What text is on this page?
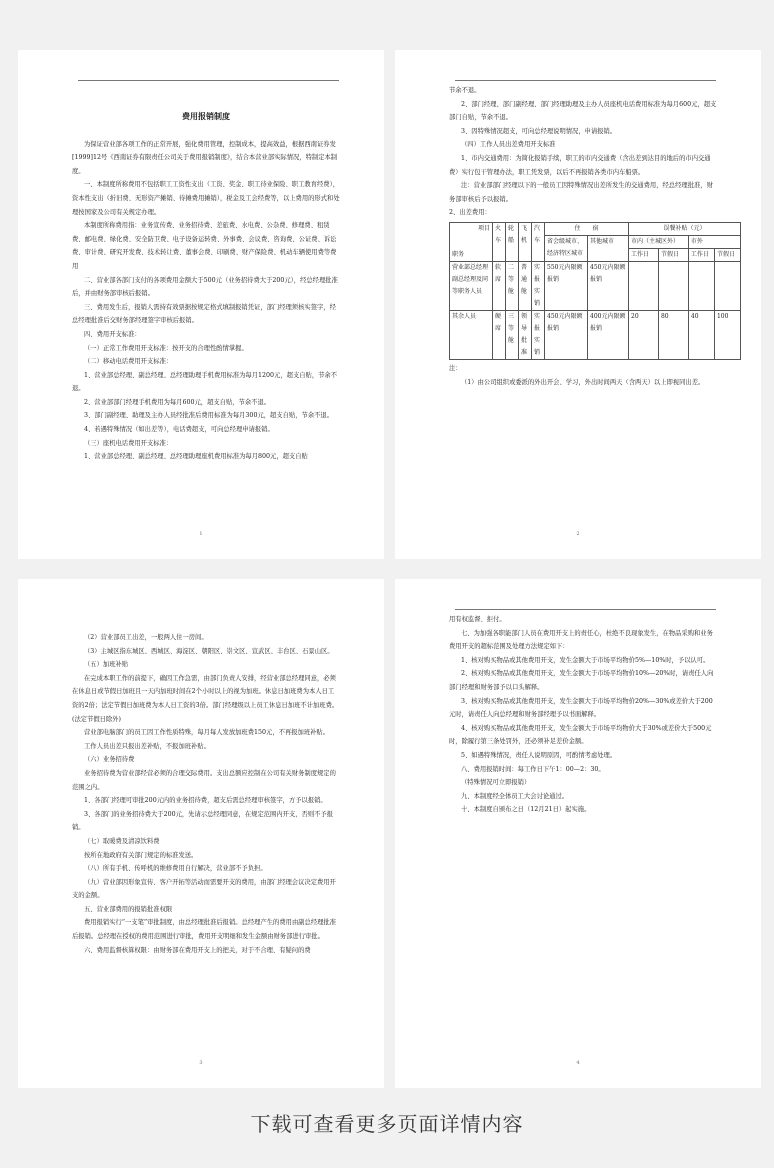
费用报销制度

为保证营业部各项工作的正常开展，强化费用管理，控制成本，提高效益，根据西南证券发[1999]12号《西南证券有限责任公司关于费用报销制度》，结合本营业部实际情况，特制定本制度。

一、本制度所称费用不包括职工工资性支出（工资、奖金、职工待业保险、职工教育经费），资本性支出（折旧费、无形资产摊销、待摊费用摊销），税金及工会经费等，以上费用的形式和处理按国家及公司有关规定办理。

本制度所称费用指：业务宣传费、业务招待费、差旅费、水电费、公杂费、修理费、租赁费、邮电费、绿化费、安全防卫费、电子设备运转费、外事费、会议费、咨询费、公证费、诉讼费、审计费、研究开发费、技术转让费、董事会费、印刷费、财产保险费、机动车辆使用费等费用

二、营业部各部门支付的各项费用金额大于500元（业务招待费大于200元），经总经理批准后，并由财务部审核后报销。

三、费用发生后，报销人需持有效票据按规定格式填制报销凭证，部门经理须核实签字，经总经理批准后交财务部经理签字审核后报销。

四、费用开支标准：

（一）正常工作费用开支标准：按开支的合理性酌情掌握。

（二）移动电话费用开支标准：

1、营业部总经理、副总经理、总经理助理手机费用标准为每月1200元，超支自贴，节余不退。

2、营业部部门经理手机费用为每月600元，超支自贴，节余不退。

3、部门副经理、助理及主办人员经批准后费用标准为每月300元，超支自贴，节余不退。

4、若遇特殊情况（如出差等），电话费超支，可向总经理申请报销。

（三）座机电话费用开支标准：

1、营业部总经理、副总经理、总经理助理座机费用标准为每月800元，超支自贴

1

节余不退。

2、部门经理、部门副经理、部门经理助理及主办人员座机电话费用标准为每月600元，超支部门自贴，节余不退。

3、因特殊情况超支，可向总经理说明情况，申请报销。

（四）工作人员出差费用开支标准

1、市内交通费用：为简化报销手续，职工的市内交通费（含出差到达目的地后的市内交通费）实行包干管理办法，职工凭发票，以后不再报销各类市内车船票。

注：营业部部门经理以下的一般员工因特殊情况出差所发生的交通费用，经总经理批准，财务部审核后予以报销。

2、出差费用：

项目
职务	火车	轮船	飞机	汽车	住　　宿		误餐补贴（元）			
					省会级城市、经济特区城市	其他城市	市内（主城区外）		市外	
							工作日	节假日	工作日	节假日
营业部总经理副总经理及同等职务人员	软席	二等舱	普通舱	实报实销	550元内限额报销	450元内限额报销				
其余人员	硬席	三等舱	领导批准	实报实销	450元内限额报销	400元内限额报销	20	80	40	100

注：

（1）由公司组织或委派的外出开会、学习，外出时间两天（含两天）以上即视同出差。

2

（2）营业部员工出差，一般两人住一房间。

（3）主城区指东城区、西城区、海淀区、朝阳区、崇文区、宣武区、丰台区、石景山区。

（五）加班补贴

在完成本职工作的前提下，确因工作急需，由部门负责人安排，经营业部总经理同意，必须在休息日或节假日加班且一天内加班时间在2个小时以上的视为加班。休息日加班费为本人日工资的2倍；法定节假日加班费为本人日工资的3倍。部门经理级以上员工休息日加班不计加班费。(法定节假日除外)

营业部电脑部门的员工因工作性质特殊，每月每人发放加班费150元，不再报加班补贴。

工作人员出差只报出差补贴，不报加班补贴。

（六）业务招待费

业务招待费为营业部经营必须的合理交际费用。支出总额应控制在公司有关财务制度规定的范围之内。

1、各部门经理可审批200元内的业务招待费，超支后需总经理审核签字，方予以报销。

3、各部门的业务招待费大于200元，先请示总经理同意，在规定范围内开支，否则不予报销。

（七）取暖费及清凉饮料费

按所在地政府有关部门规定的标准发送。

（八）所有手机、传呼机的维修费用自行解决，营业部不予负担。

（九）营业部因形象宣传、客户开拓等活动而需要开支的费用，由部门经理会议决定费用开支的金额。

五、营业部费用的报销批准权限

费用报销实行“一支笔”审批制度，由总经理批准后报销。总经理产生的费用由副总经理批准后报销。总经理在授权的费用范围进行审批，费用开支明细和发生金额由财务部进行审批。

六、费用监督核算权限：由财务部在费用开支上的把关，对于不合理、有疑问的费

3

用有权监督、拒付。

七、为加强各职能部门人员在费用开支上的责任心，杜绝不良现象发生，在物品采购和业务费用开支的超标范围及处理方法规定如下：

1、核对购买物品或其他费用开支，发生金额大于市场平均物价5%—10%时，予以认可。

2、核对购买物品或其他费用开支，发生金额大于市场平均物价10%—20%时，请责任人向部门经理和财务部予以口头解释。

3、核对购买物品或其他费用开支，发生金额大于市场平均物价20%—30%或差价大于200元时，请责任人向总经理和财务部经理予以书面解释。

4、核对购买物品或其他费用开支，发生金额大于市场平均物价大于30%或差价大于500元时，除履行第三条处罚外，还必须补足差价金额。

5、如遇特殊情况，责任人说明原因，可酌情考虑处理。

八、费用报销时间：每工作日下午1：00—2：30。

（特殊情况可立即报销）

九、本制度经全体员工大会讨论通过。

十、本制度自颁布之日（12月21日）起实施。

4
下载可查看更多页面详情内容
